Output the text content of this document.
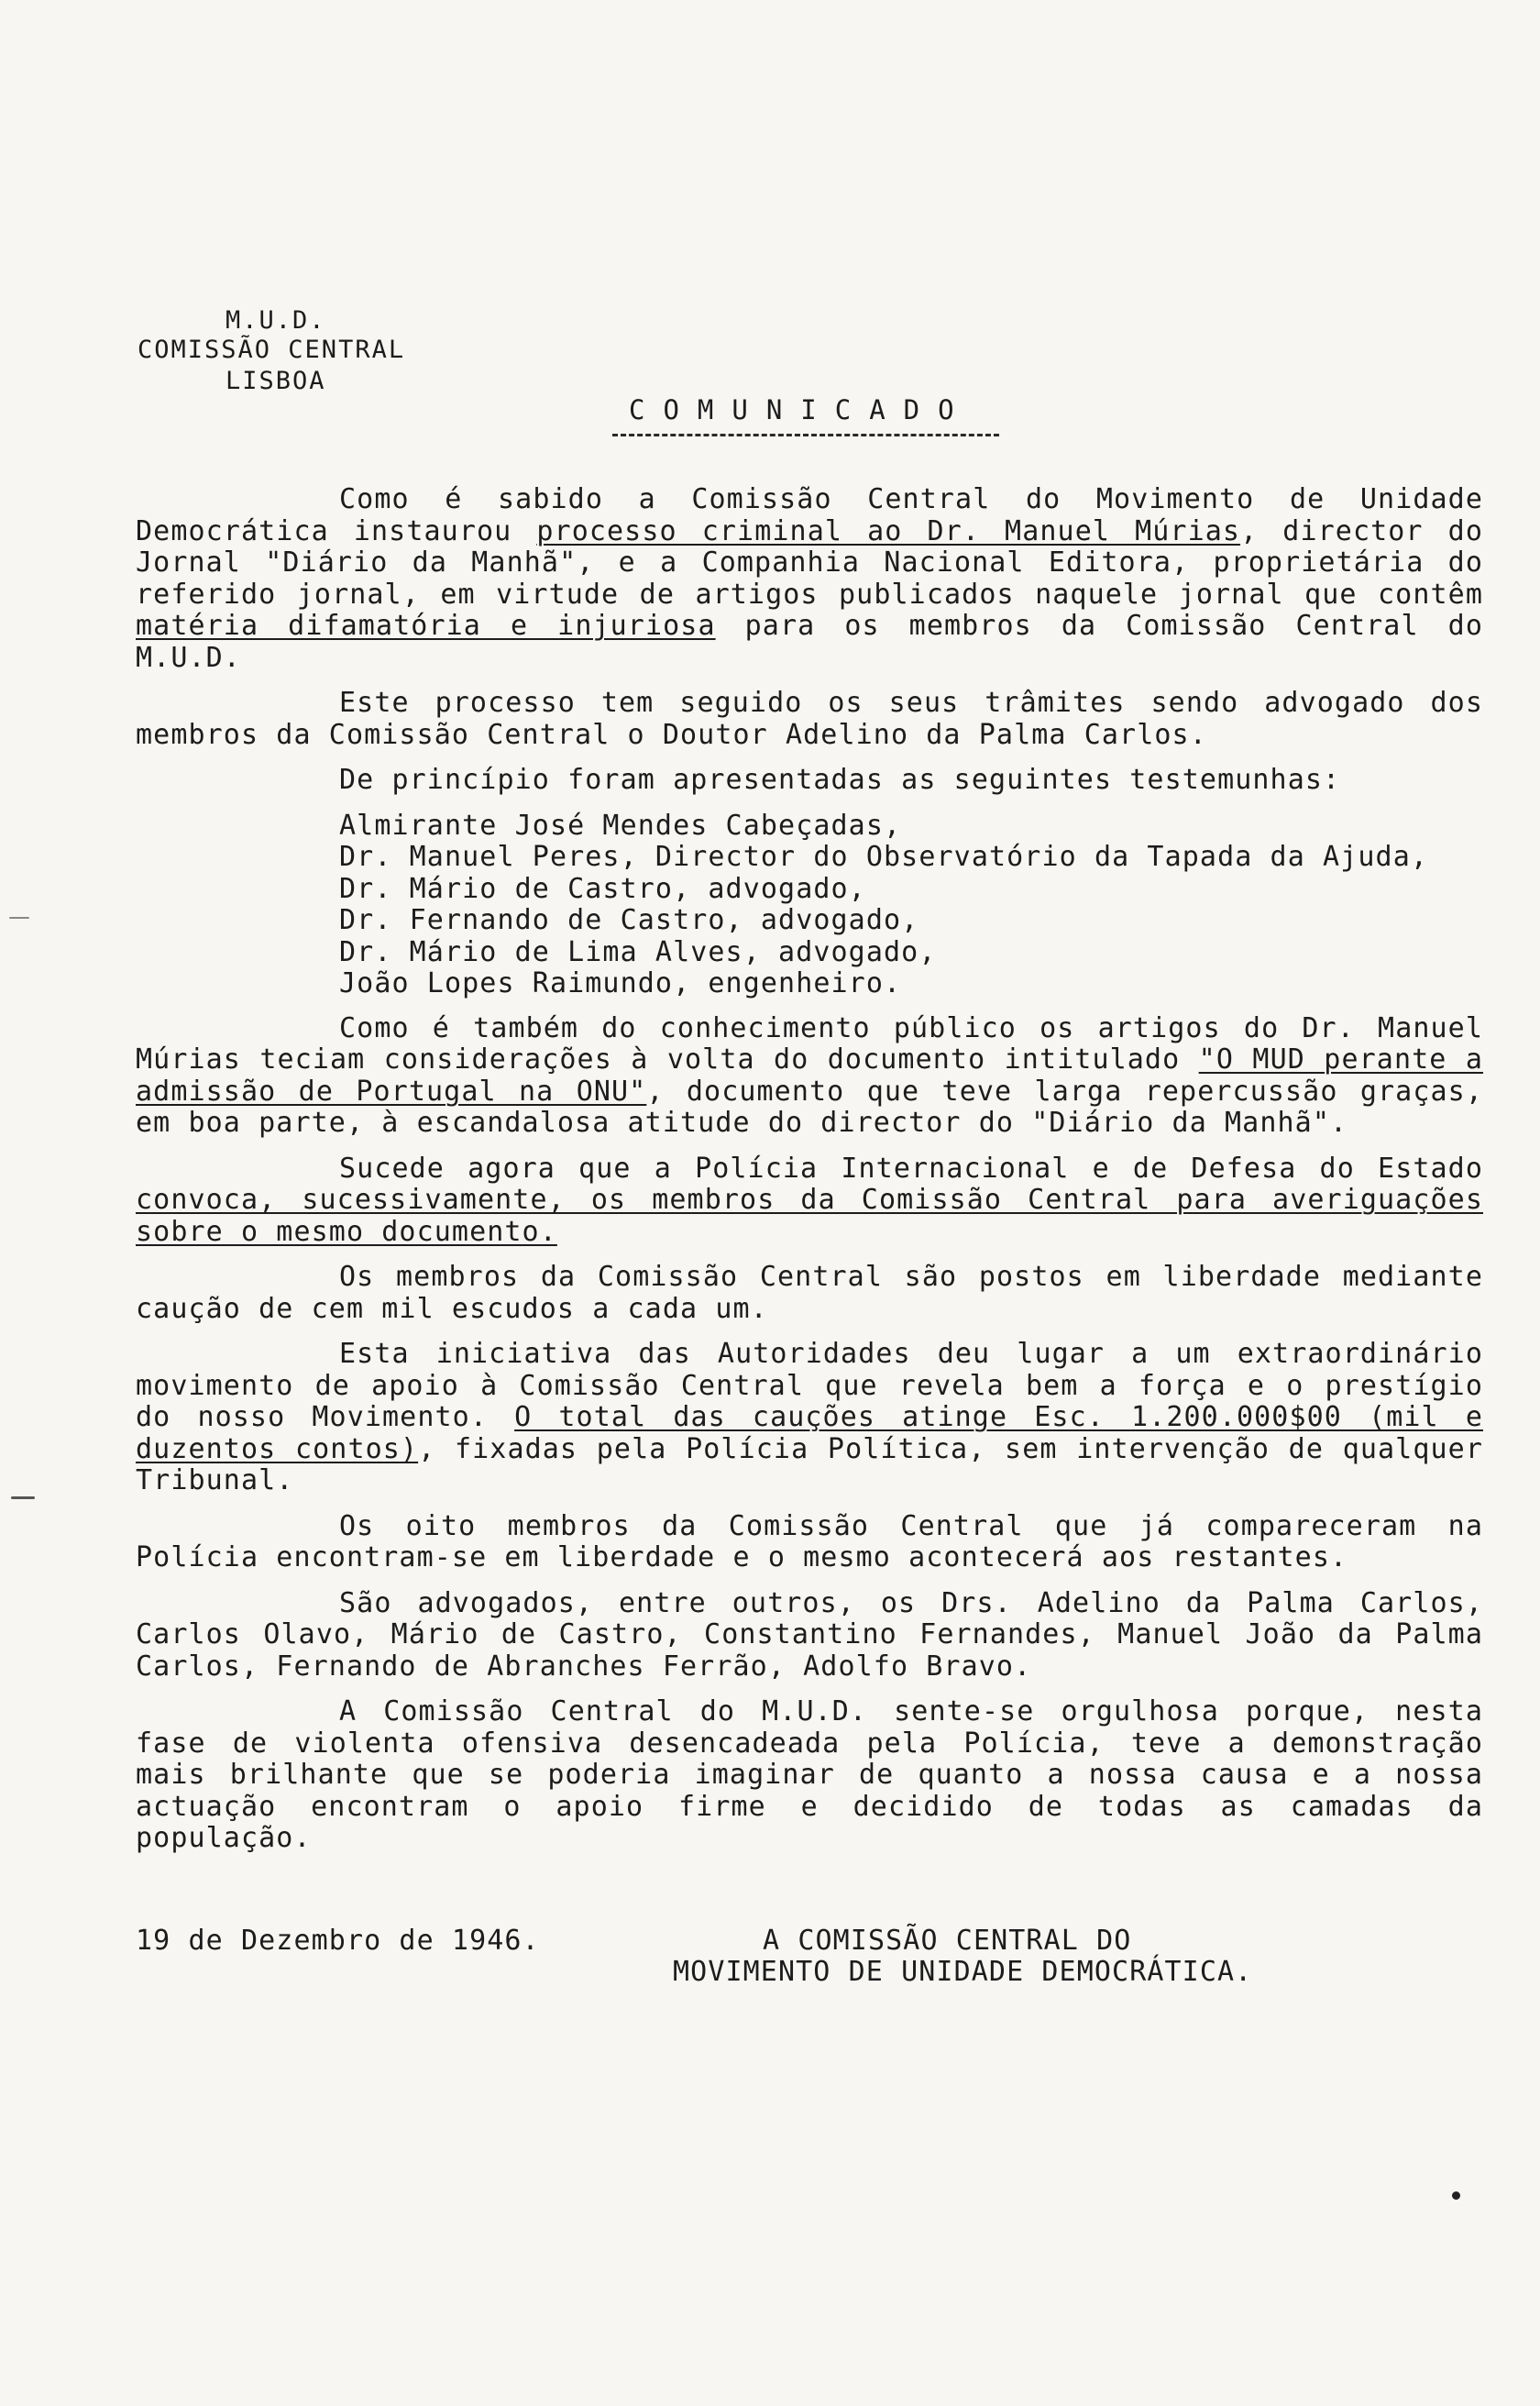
M.U.D.
COMISSÃO CENTRAL
LISBOA
COMUNICADO

Como é sabido a Comissão Central do Movimento de Unidade Democrática instaurou processo criminal ao Dr. Manuel Múrias, director do Jornal "Diário da Manhã", e a Companhia Nacional Editora, proprietária do referido jornal, em virtude de artigos publicados naquele jornal que contêm matéria difamatória e injuriosa para os membros da Comissão Central do M.U.D.

Este processo tem seguido os seus trâmites sendo advogado dos membros da Comissão Central o Doutor Adelino da Palma Carlos.

De princípio foram apresentadas as seguintes testemunhas:

Almirante José Mendes Cabeçadas,
Dr. Manuel Peres, Director do Observatório da Tapada da Ajuda,
Dr. Mário de Castro, advogado,
Dr. Fernando de Castro, advogado,
Dr. Mário de Lima Alves, advogado,
João Lopes Raimundo, engenheiro.

Como é também do conhecimento público os artigos do Dr. Manuel Múrias teciam considerações à volta do documento intitulado "O MUD perante a admissão de Portugal na ONU", documento que teve larga repercussão graças, em boa parte, à escandalosa atitude do director do "Diário da Manhã".

Sucede agora que a Polícia Internacional e de Defesa do Estado convoca, sucessivamente, os membros da Comissão Central para averiguações sobre o mesmo documento.

Os membros da Comissão Central são postos em liberdade mediante caução de cem mil escudos a cada um.

Esta iniciativa das Autoridades deu lugar a um extraordinário movimento de apoio à Comissão Central que revela bem a força e o prestígio do nosso Movimento. O total das cauções atinge Esc. 1.200.000$00 (mil e duzentos contos), fixadas pela Polícia Política, sem intervenção de qualquer Tribunal.

Os oito membros da Comissão Central que já compareceram na Polícia encontram-se em liberdade e o mesmo acontecerá aos restantes.

São advogados, entre outros, os Drs. Adelino da Palma Carlos, Carlos Olavo, Mário de Castro, Constantino Fernandes, Manuel João da Palma Carlos, Fernando de Abranches Ferrão, Adolfo Bravo.

A Comissão Central do M.U.D. sente-se orgulhosa porque, nesta fase de violenta ofensiva desencadeada pela Polícia, teve a demonstração mais brilhante que se poderia imaginar de quanto a nossa causa e a nossa actuação encontram o apoio firme e decidido de todas as camadas da população.

19 de Dezembro de 1946.	A COMISSÃO CENTRAL DO
MOVIMENTO DE UNIDADE DEMOCRÁTICA.
